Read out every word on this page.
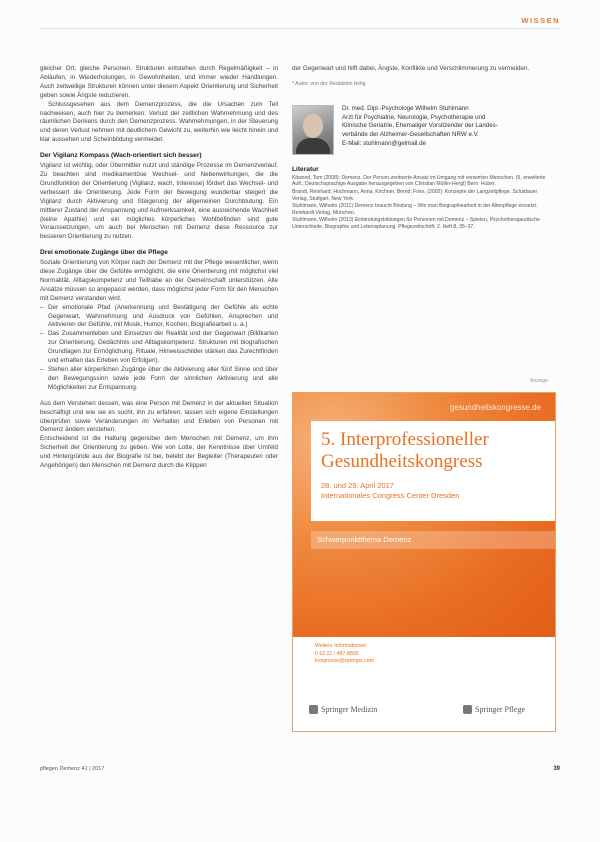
WISSEN

gleicher Ort, gleiche Personen. Strukturen entstehen durch Regelmäßigkeit – in Abläufen, in Wiederholungen, in Gewohnheiten, und immer wieder Handlungen. Auch zeitweilige Strukturen können unter diesem Aspekt Orientierung und Sicherheit geben sowie Ängste reduzieren.

Schlussgesehen aus dem Demenzprozess, die die Ursachen zum Teil nachweisen, auch hier zu bemerken: Verlust der zeitlichen Wahrnehmung und des räumlichen Denkens durch den Demenzprozess. Wahrnehmungen, in der Steuerung und deren Verlust nehmen mit deutlichem Gewicht zu, weiterhin wie leicht hinein und klar aussehen und Scheinbildung vermeidet.

Der Vigilanz Kompass (Wach-orientiert sich besser)

Vigilanz ist wichtig, oder Übermittler nutzt und ständige Prozesse im Demenzverlauf. Zu beachten sind medikamentöse Wechsel- und Nebenwirkungen, die die Grundfunktion der Orientierung (Vigilanz, wach, Interesse) fördert das Wechsel- und verbessert die Orientierung. Jede Form der Bewegung wunderbar steigert die Vigilanz durch Aktivierung und Steigerung der allgemeinen Durchblutung. Ein mittlerer Zustand der Anspannung und Aufmerksamkeit, eine ausreichende Wachheit (keine Apathie) und ein mögliches körperliches Wohlbefinden sind gute Voraussetzungen, um auch bei Menschen mit Demenz diese Ressource zur besseren Orientierung zu nutzen.

Drei emotionale Zugänge über die Pflege

Soziale Orientierung von Körper nach der Demenz mit der Pflege wesentlicher, wenn diese Zugänge über die Gefühle ermöglicht, die eine Orientierung mit möglichst viel Normalität. Alltagskompetenz und Teilhabe an der Gemeinschaft unterstützen. Alle Ansätze müssen so angepasst werden, dass möglichst jeder Form für den Menschen mit Demenz verstanden wird.

– Der emotionale Pfad (Anerkennung und Bestätigung der Gefühle als echte Gegenwart, Wahrnehmung und Ausdruck von Gefühlen, Ansprechen und Aktivieren der Gefühle, mit Musik, Humor, Kochen, Biografiearbeit u. a.)
– Das Zusammenleben und Einsetzen der Realität und der Gegenwart (Bildkarten zur Orientierung, Gedächtnis und Alltagskompetenz. Strukturen mit biografischen Grundlagen zur Ermöglichung. Rituale, Hinweisschilder stärken das Zurechtfinden und erhalten das Erleben von Erfolgen).
– Stehen aller körperlichen Zugänge über die Aktivierung aller fünf Sinne und über den Bewegungssinn sowie jede Form der sinnlichen Aktivierung und alle Möglichkeiten zur Entspannung.

Aus dem Verstehen dessen, was eine Person mit Demenz in der aktuellen Situation beschäftigt und wie sie es sucht, ihn zu erfahren, lassen sich eigene Einstellungen überprüfen sowie Veränderungen im Verhalten und Erleben von Personen mit Demenz ändern verstehen.

Entscheidend ist die Haltung gegenüber dem Menschen mit Demenz, um ihm Sicherheit der Orientierung zu geben. Wie von Lotte, der Kenntnisse über Umfeld und Hintergründe aus der Biografie ist bei, belebt der Begleiter (Therapeuten oder Angehörigen) den Menschen mit Demenz durch die Klippen

der Gegenwart und hilft dabei, Ängste, Konflikte und Verschlimmerung zu vermeiden.

* Autor: von der Redaktion fertig
Dr. med. Dipl.-Psychologe Wilhelm Stuhlmann
Arzt für Psychiatrie, Neurologie, Psychotherapie und
Klinische Geriatrie, Ehemaliger Vorsitzender der Landes-
verbände der Alzheimer-Gesellschaften NRW e.V.
E-Mail: stuhlmann@gelmail.de
Literatur
Kitwood, Tom (2008): Demenz. Der Person-zentrierte Ansatz im Umgang mit verwirrten Menschen. (5. erweiterte Aufl.; Deutschsprachige Ausgabe herausgegeben von Christian Müller-Hergl) Bern: Huber.
Brandt, Reinhard; Hochmann, Anna; Kirchner, Bernd; Fries, (2002): Konzepte der Langzeitpflege. Schattauer Verlag, Stuttgart, New York.
Stuhlmann, Wilhelm (2011) Demenz braucht Bindung – Wie man Biographiearbeit in der Altenpflege einsetzt. Reinhardt Verlag, München.
Stuhlmann, Wilhelm (2013) Einbindungsbildungen für Personen mit Demenz – Spielen, Psychotherapeutische Unterschiede, Biographie und Lebensplanung. Pflegezeitschrift: 2. Heft 8, 35–37.
Anzeige
gesundheitskongresse.de
5. Interprofessioneller
Gesundheitskongress
28. und 29. April 2017
Internationales Congress Center Dresden
Schwerpunktthema Demenz
Weitere Informationen:
0 62 21 / 487-8800
kongresse@springer.com
Springer Medizin	Springer Pflege
pflegen Demenz 41 | 2017	39
